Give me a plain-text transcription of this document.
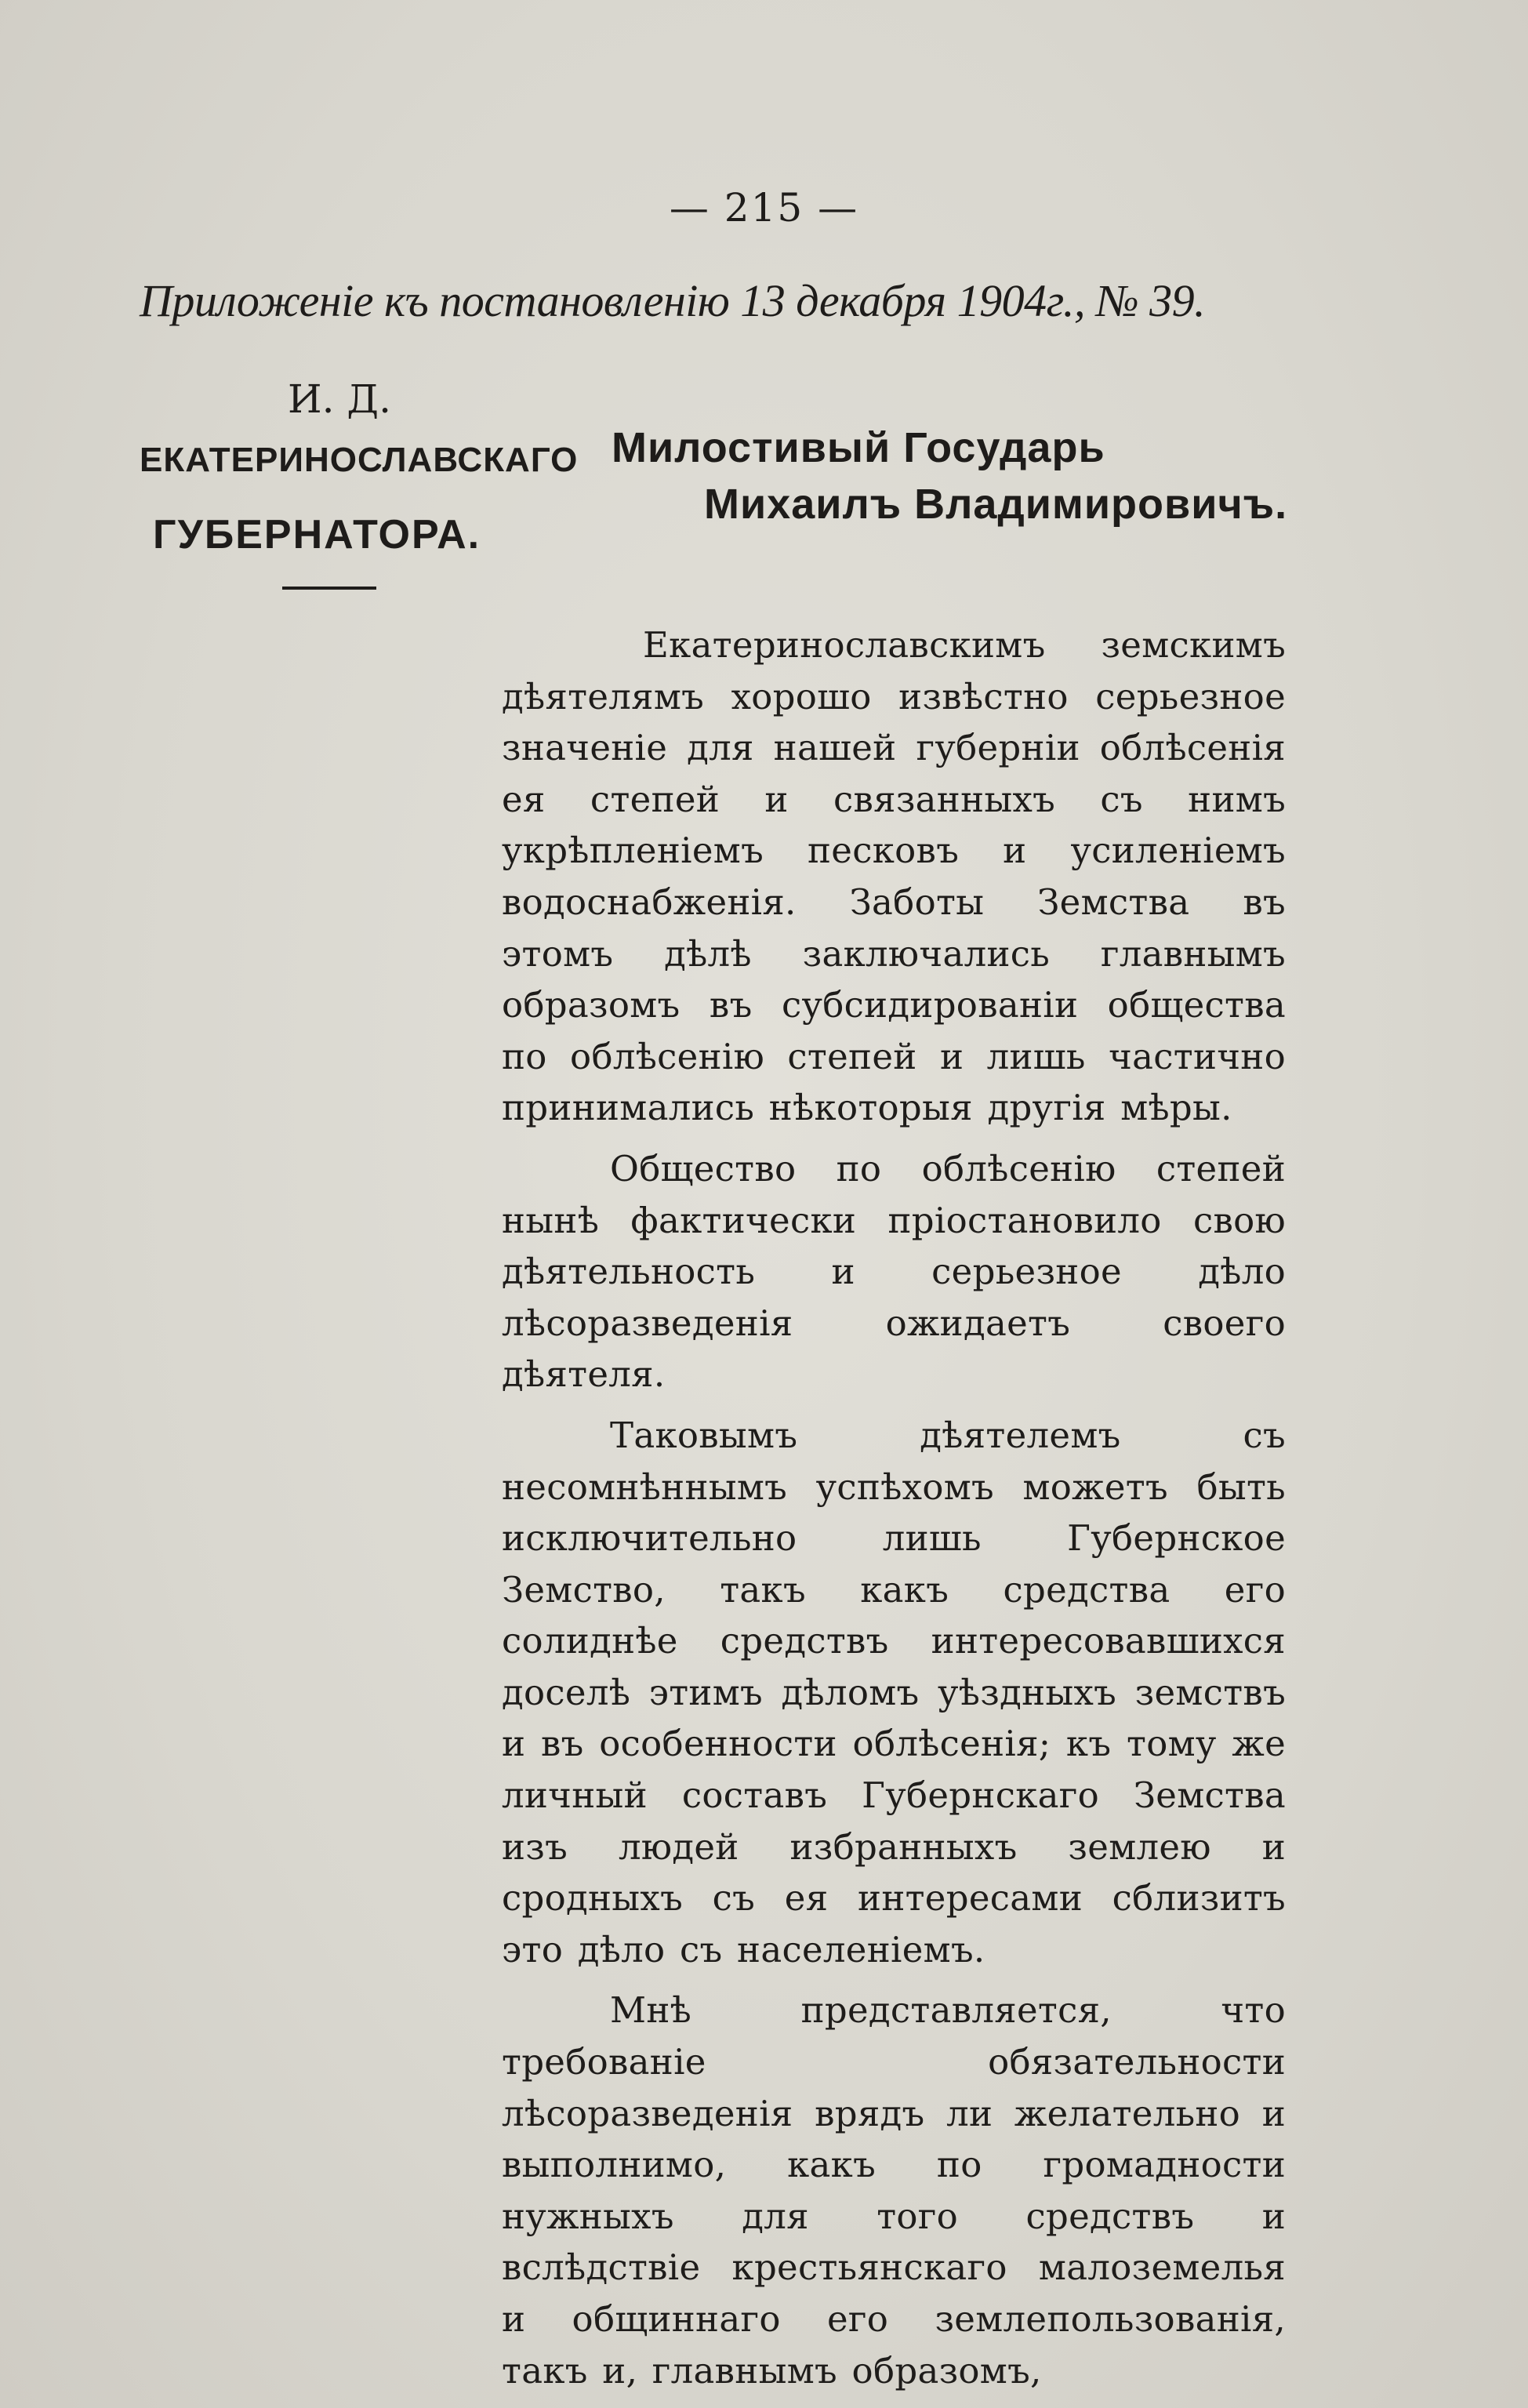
— 215 —
Приложеніе къ постановленію 13 декабря 1904г., № 39.
И. Д.
ЕКАТЕРИНОСЛАВСКАГО
ГУБЕРНАТОРА.
Милостивый Государь
Михаилъ Владимировичъ.

Екатеринославскимъ земскимъ дѣятелямъ хорошо извѣстно серьезное значеніе для нашей губерніи облѣсенія ея степей и связанныхъ съ нимъ укрѣпленіемъ песковъ и усиленіемъ водоснабженія. Заботы Земства въ этомъ дѣлѣ заключались главнымъ образомъ въ субсидированіи общества по облѣсенію степей и лишь частично принимались нѣкоторыя другія мѣры.

Общество по облѣсенію степей нынѣ фактически пріостановило свою дѣятельность и серьезное дѣло лѣсоразведенія ожидаетъ своего дѣятеля.

Таковымъ дѣятелемъ съ несомнѣннымъ успѣхомъ можетъ быть исключительно лишь Губернское Земство, такъ какъ средства его солиднѣе средствъ интересовавшихся доселѣ этимъ дѣломъ уѣздныхъ земствъ и въ особенности облѣсенія; къ тому же личный составъ Губернскаго Земства изъ людей избранныхъ землею и сродныхъ съ ея интересами сблизитъ это дѣло съ населеніемъ.

Мнѣ представляется, что требованіе обязательности лѣсоразведенія врядъ ли желательно и выполнимо, какъ по громадности нужныхъ для того средствъ и вслѣдствіе крестьянскаго малоземелья и общиннаго его землепользованія, такъ и, главнымъ образомъ,
